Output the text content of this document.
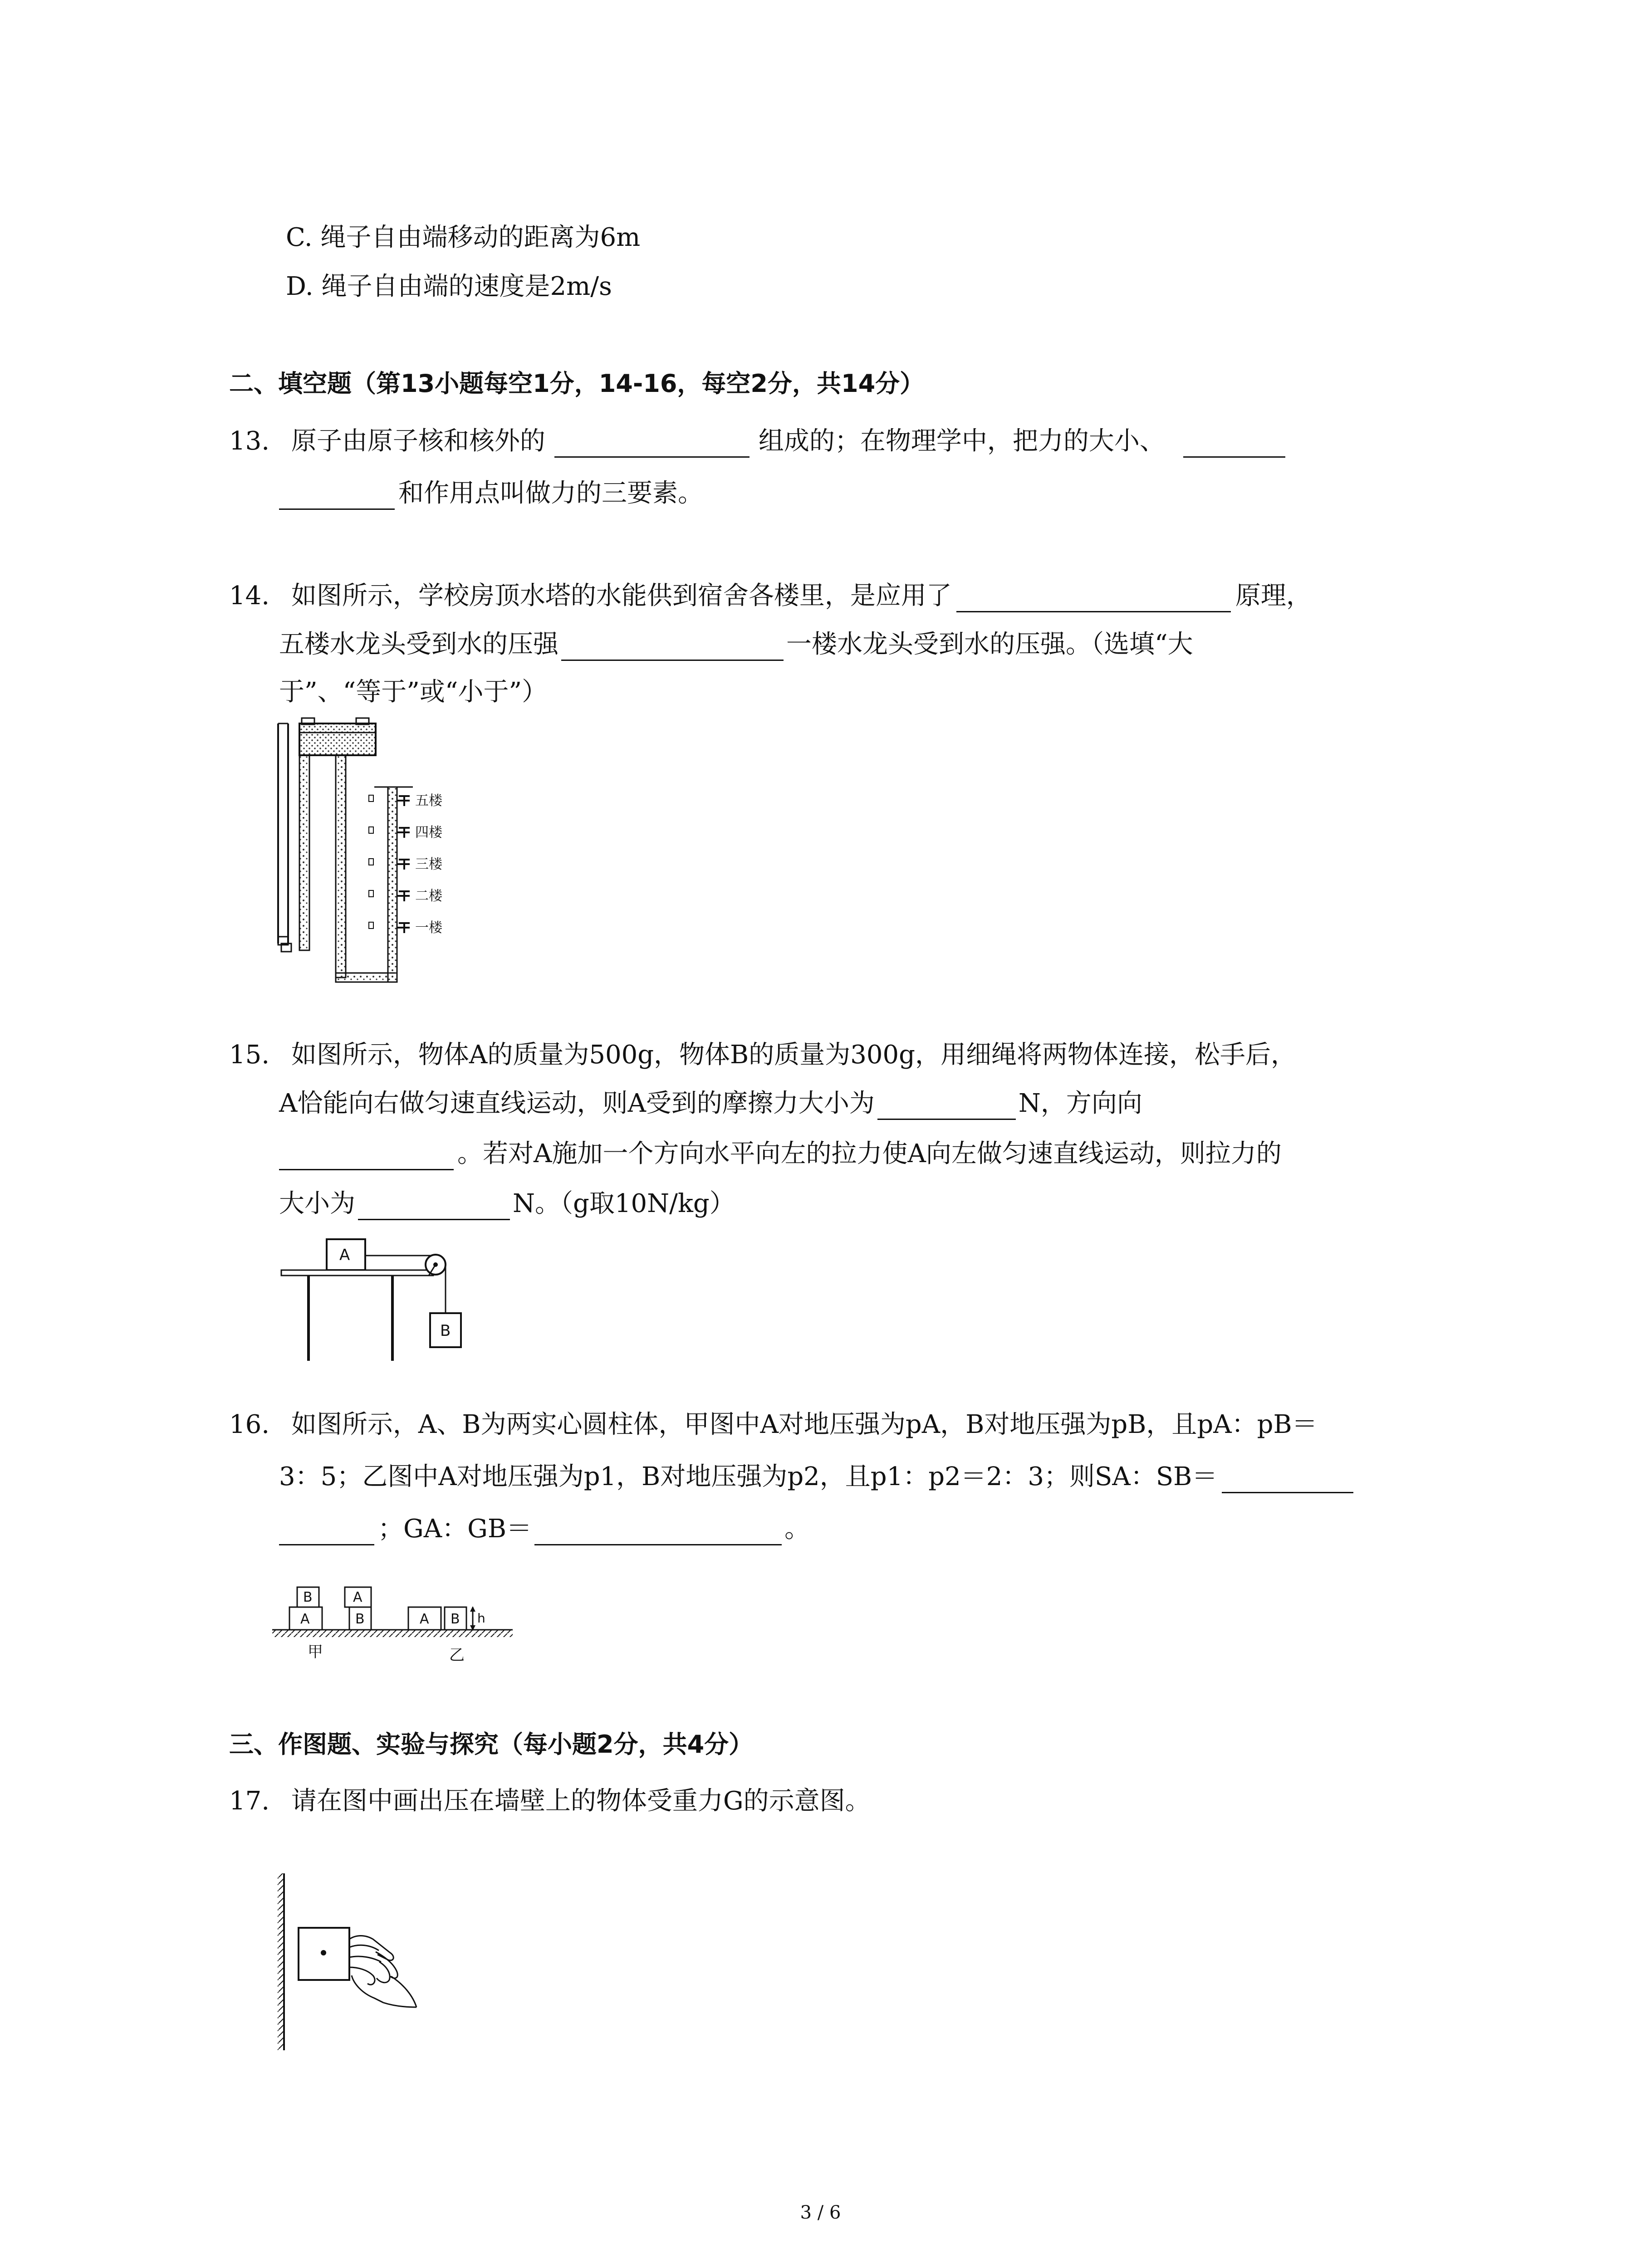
C. 绳子自由端移动的距离为6m
D. 绳子自由端的速度是2m/s
二、填空题（第13小题每空1分，14-16，每空2分，共14分）
13. 原子由原子核和核外的	组成的；在物理学中，把力的大小、
和作用点叫做力的三要素。
14. 如图所示，学校房顶水塔的水能供到宿舍各楼里，是应用了	原理，
五楼水龙头受到水的压强	一楼水龙头受到水的压强。（选填“大
于”、“等于”或“小于”）
五楼
四楼
三楼
二楼
一楼
15. 如图所示，物体A的质量为500g，物体B的质量为300g，用细绳将两物体连接，松手后，
A恰能向右做匀速直线运动，则A受到的摩擦力大小为	N，方向向
。若对A施加一个方向水平向左的拉力使A向左做匀速直线运动，则拉力的
大小为	N。（g取10N/kg）
A
B
16. 如图所示，A、B为两实心圆柱体，甲图中A对地压强为pA，B对地压强为pB，且pA：pB＝
3：5；乙图中A对地压强为p1，B对地压强为p2，且p1：p2＝2：3；则SA：SB＝
；GA：GB＝	。
B
A
A
B	A B h
甲	乙
三、作图题、实验与探究（每小题2分，共4分）
17. 请在图中画出压在墙壁上的物体受重力G的示意图。
3 / 6
